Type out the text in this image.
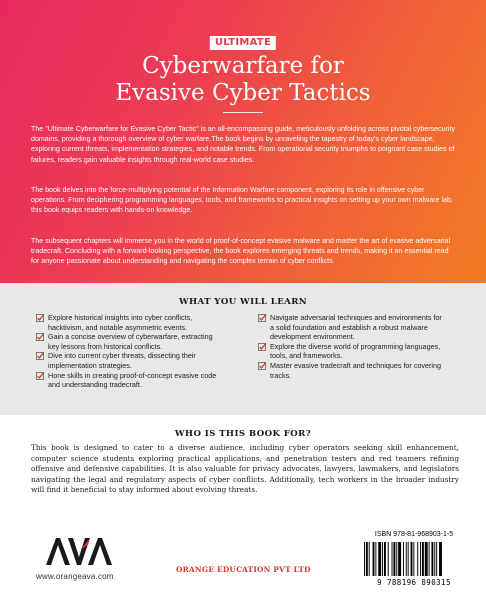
ULTIMATE
Cyberwarfare for
Evasive Cyber Tactics

The "Ultimate Cyberwarfare for Evasive Cyber Tactic" is an all-encompassing guide, meticulously unfolding across pivotal cybersecurity domains, providing a thorough overview of cyber warfare.The book begins by unraveling the tapestry of today's cyber landscape, exploring current threats, implementation strategies, and notable trends. From operational security triumphs to poignant case studies of failures, readers gain valuable insights through real-world case studies.

The book delves into the force-multiplying potential of the Information Warfare component, exploring its role in offensive cyber operations. From deciphering programming languages, tools, and frameworks to practical insights on setting up your own malware lab, this book equips readers with hands-on knowledge.

The subsequent chapters will immerse you in the world of proof-of-concept evasive malware and master the art of evasive adversarial tradecraft. Concluding with a forward-looking perspective, the book explores emerging threats and trends, making it an essential read for anyone passionate about understanding and navigating the complex terrain of cyber conflicts.

WHAT YOU WILL LEARN
Explore historical insights into cyber conflicts, hacktivism, and notable asymmetric events.
Gain a concise overview of cyberwarfare, extracting key lessons from historical conflicts.
Dive into current cyber threats, dissecting their implementation strategies.
Hone skills in creating proof-of-concept evasive code and understanding tradecraft.
Navigate adversarial techniques and environments for a solid foundation and establish a robust malware development environment.
Explore the diverse world of programming languages, tools, and frameworks.
Master evasive tradecraft and techniques for covering tracks.
WHO IS THIS BOOK FOR?

This book is designed to cater to a diverse audience, including cyber operators seeking skill enhancement, computer science students exploring practical applications, and penetration testers and red teamers refining offensive and defensive capabilities. It is also valuable for privacy advocates, lawyers, lawmakers, and legislators navigating the legal and regulatory aspects of cyber conflicts. Additionally, tech workers in the broader industry will find it beneficial to stay informed about evolving threats.

www.orangeava.com
ORANGE EDUCATION PVT LTD
ISBN 978-81-968903-1-5
9 788196 890315
